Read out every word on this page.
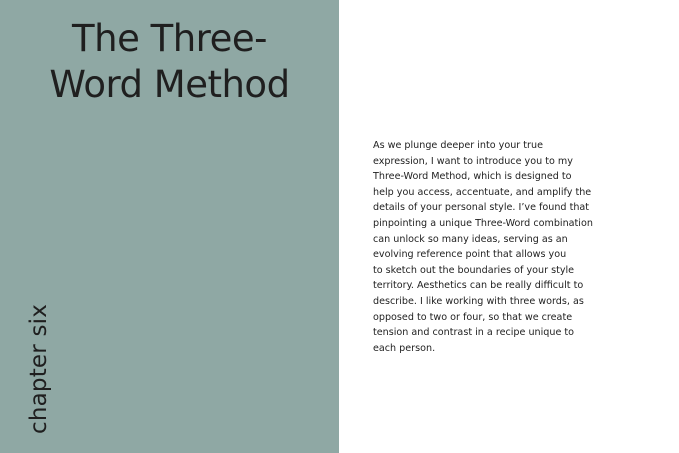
The Three-
Word Method
chapter six

As we plunge deeper into your true
expression, I want to introduce you to my
Three-Word Method, which is designed to
help you access, accentuate, and amplify the
details of your personal style. I’ve found that
pinpointing a unique Three-Word combination
can unlock so many ideas, serving as an
evolving reference point that allows you
to sketch out the boundaries of your style
territory. Aesthetics can be really difficult to
describe. I like working with three words, as
opposed to two or four, so that we create
tension and contrast in a recipe unique to
each person.
